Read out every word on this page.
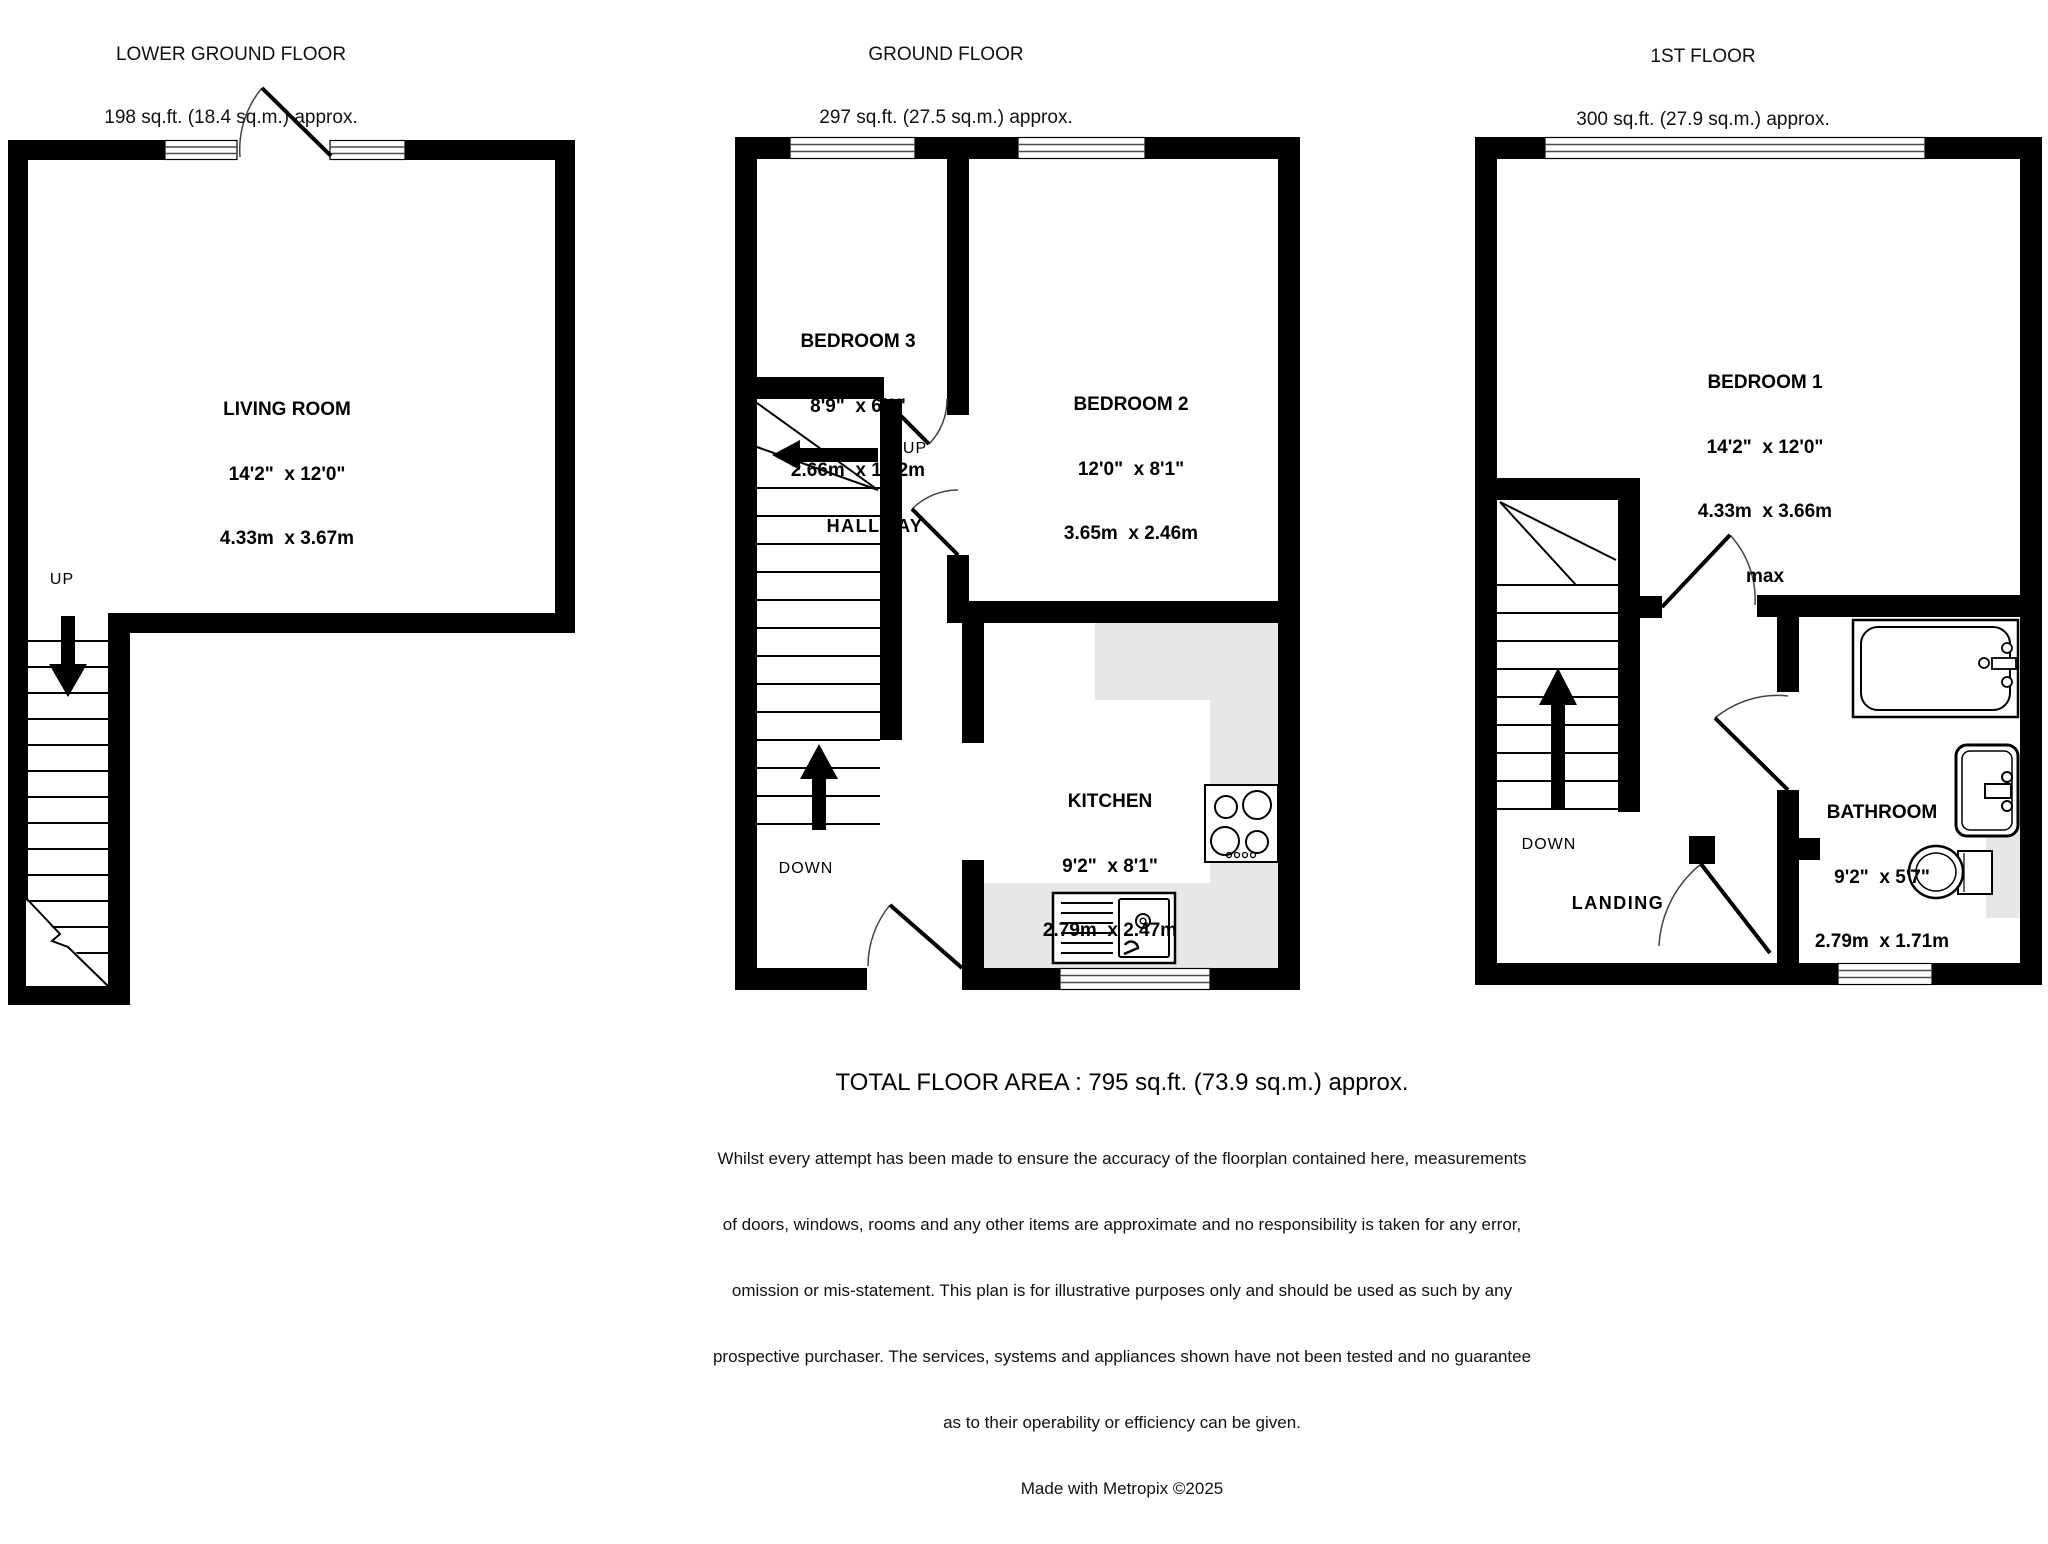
LOWER GROUND FLOOR

198 sq.ft. (18.4 sq.m.) approx.

GROUND FLOOR

297 sq.ft. (27.5 sq.m.) approx.

1ST FLOOR

300 sq.ft. (27.9 sq.m.) approx.

LIVING ROOM

14'2"  x 12'0"

4.33m  x 3.67m

UP

BEDROOM 3

8'9"  x 6'0"

2.66m  x 1.82m

BEDROOM 2

12'0"  x 8'1"

3.65m  x 2.46m

KITCHEN

9'2"  x 8'1"

2.79m  x 2.47m

HALLWAY
UP
DOWN

BEDROOM 1

14'2"  x 12'0"

4.33m  x 3.66m

max

BATHROOM

9'2"  x 5'7"

2.79m  x 1.71m

LANDING
DOWN
TOTAL FLOOR AREA : 795 sq.ft. (73.9 sq.m.) approx.

Whilst every attempt has been made to ensure the accuracy of the floorplan contained here, measurements

of doors, windows, rooms and any other items are approximate and no responsibility is taken for any error,

omission or mis-statement. This plan is for illustrative purposes only and should be used as such by any

prospective purchaser. The services, systems and appliances shown have not been tested and no guarantee

as to their operability or efficiency can be given.

Made with Metropix ©2025
